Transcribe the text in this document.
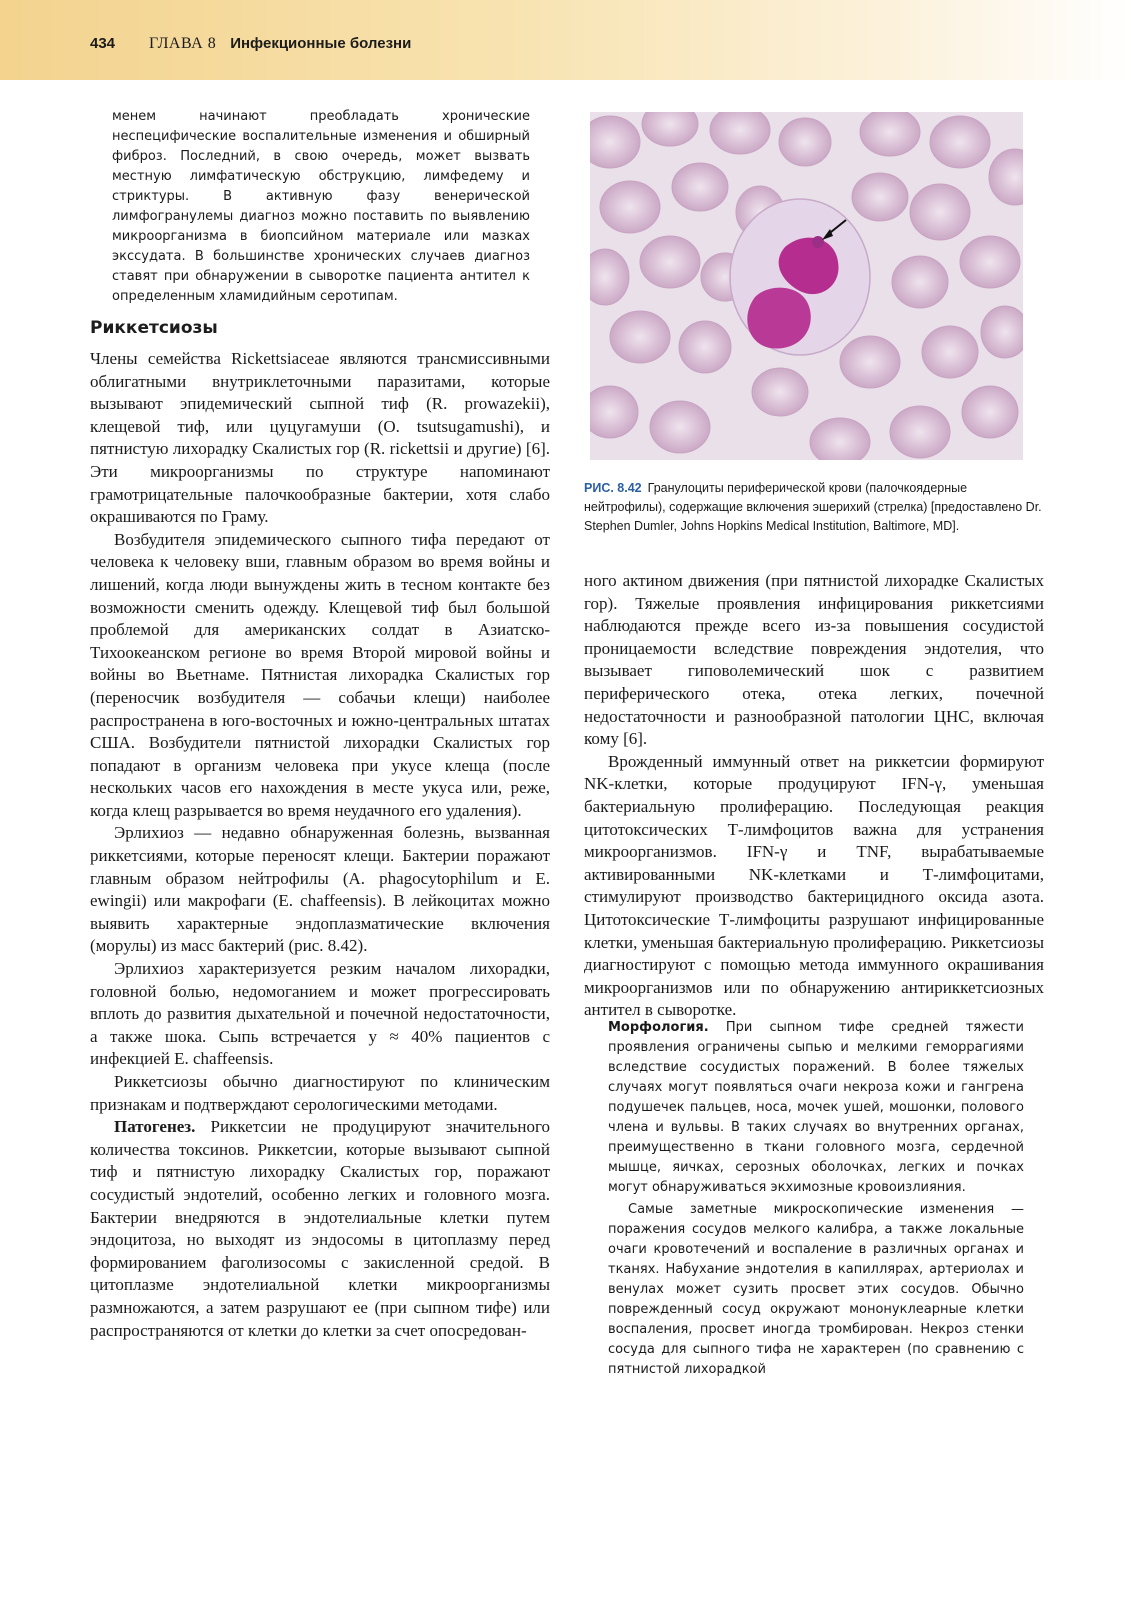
434 ГЛАВА 8 Инфекционные болезни

менем начинают преобладать хронические неспецифические воспалительные изменения и обширный фиброз. Последний, в свою очередь, может вызвать местную лимфатическую обструкцию, лимфедему и стриктуры. В активную фазу венерической лимфогранулемы диагноз можно поставить по выявлению микроорганизма в биопсийном материале или мазках экссудата. В большинстве хронических случаев диагноз ставят при обнаружении в сыворотке пациента антител к определенным хламидийным серотипам.

Риккетсиозы

Члены семейства Rickettsiaceae являются трансмиссивными облигатными внутриклеточными паразитами, которые вызывают эпидемический сыпной тиф (R. prowazekii), клещевой тиф, или цуцугамуши (O. tsutsugamushi), и пятнистую лихорадку Скалистых гор (R. rickettsii и другие) [6]. Эти микроорганизмы по структуре напоминают грамотрицательные палочкообразные бактерии, хотя слабо окрашиваются по Граму.

Возбудителя эпидемического сыпного тифа передают от человека к человеку вши, главным образом во время войны и лишений, когда люди вынуждены жить в тесном контакте без возможности сменить одежду. Клещевой тиф был большой проблемой для американских солдат в Азиатско-Тихоокеанском регионе во время Второй мировой войны и войны во Вьетнаме. Пятнистая лихорадка Скалистых гор (переносчик возбудителя — собачьи клещи) наиболее распространена в юго-восточных и южно-центральных штатах США. Возбудители пятнистой лихорадки Скалистых гор попадают в организм человека при укусе клеща (после нескольких часов его нахождения в месте укуса или, реже, когда клещ разрывается во время неудачного его удаления).

Эрлихиоз — недавно обнаруженная болезнь, вызванная риккетсиями, которые переносят клещи. Бактерии поражают главным образом нейтрофилы (A. phagocytophilum и E. ewingii) или макрофаги (E. chaffeensis). В лейкоцитах можно выявить характерные эндоплазматические включения (морулы) из масс бактерий (рис. 8.42).

Эрлихиоз характеризуется резким началом лихорадки, головной болью, недомоганием и может прогрессировать вплоть до развития дыхательной и почечной недостаточности, а также шока. Сыпь встречается у ≈ 40% пациентов с инфекцией E. chaffeensis.

Риккетсиозы обычно диагностируют по клиническим признакам и подтверждают серологическими методами.

Патогенез. Риккетсии не продуцируют значительного количества токсинов. Риккетсии, которые вызывают сыпной тиф и пятнистую лихорадку Скалистых гор, поражают сосудистый эндотелий, особенно легких и головного мозга. Бактерии внедряются в эндотелиальные клетки путем эндоцитоза, но выходят из эндосомы в цитоплазму перед формированием фаголизосомы с закисленной средой. В цитоплазме эндотелиальной клетки микроорганизмы размножаются, а затем разрушают ее (при сыпном тифе) или распространяются от клетки до клетки за счет опосредован-

РИС. 8.42 Гранулоциты периферической крови (палочкоядерные нейтрофилы), содержащие включения эшерихий (стрелка) [предоставлено Dr. Stephen Dumler, Johns Hopkins Medical Institution, Baltimore, MD].

ного актином движения (при пятнистой лихорадке Скалистых гор). Тяжелые проявления инфицирования риккетсиями наблюдаются прежде всего из-за повышения сосудистой проницаемости вследствие повреждения эндотелия, что вызывает гиповолемический шок с развитием периферического отека, отека легких, почечной недостаточности и разнообразной патологии ЦНС, включая кому [6].

Врожденный иммунный ответ на риккетсии формируют NK-клетки, которые продуцируют IFN-γ, уменьшая бактериальную пролиферацию. Последующая реакция цитотоксических Т-лимфоцитов важна для устранения микроорганизмов. IFN-γ и TNF, вырабатываемые активированными NK-клетками и Т-лимфоцитами, стимулируют производство бактерицидного оксида азота. Цитотоксические Т-лимфоциты разрушают инфицированные клетки, уменьшая бактериальную пролиферацию. Риккетсиозы диагностируют с помощью метода иммунного окрашивания микроорганизмов или по обнаружению антириккетсиозных антител в сыворотке.

Морфология. При сыпном тифе средней тяжести проявления ограничены сыпью и мелкими геморрагиями вследствие сосудистых поражений. В более тяжелых случаях могут появляться очаги некроза кожи и гангрена подушечек пальцев, носа, мочек ушей, мошонки, полового члена и вульвы. В таких случаях во внутренних органах, преимущественно в ткани головного мозга, сердечной мышце, яичках, серозных оболочках, легких и почках могут обнаруживаться экхимозные кровоизлияния.

Самые заметные микроскопические изменения — поражения сосудов мелкого калибра, а также локальные очаги кровотечений и воспаление в различных органах и тканях. Набухание эндотелия в капиллярах, артериолах и венулах может сузить просвет этих сосудов. Обычно поврежденный сосуд окружают мононуклеарные клетки воспаления, просвет иногда тромбирован. Некроз стенки сосуда для сыпного тифа не характерен (по сравнению с пятнистой лихорадкой
